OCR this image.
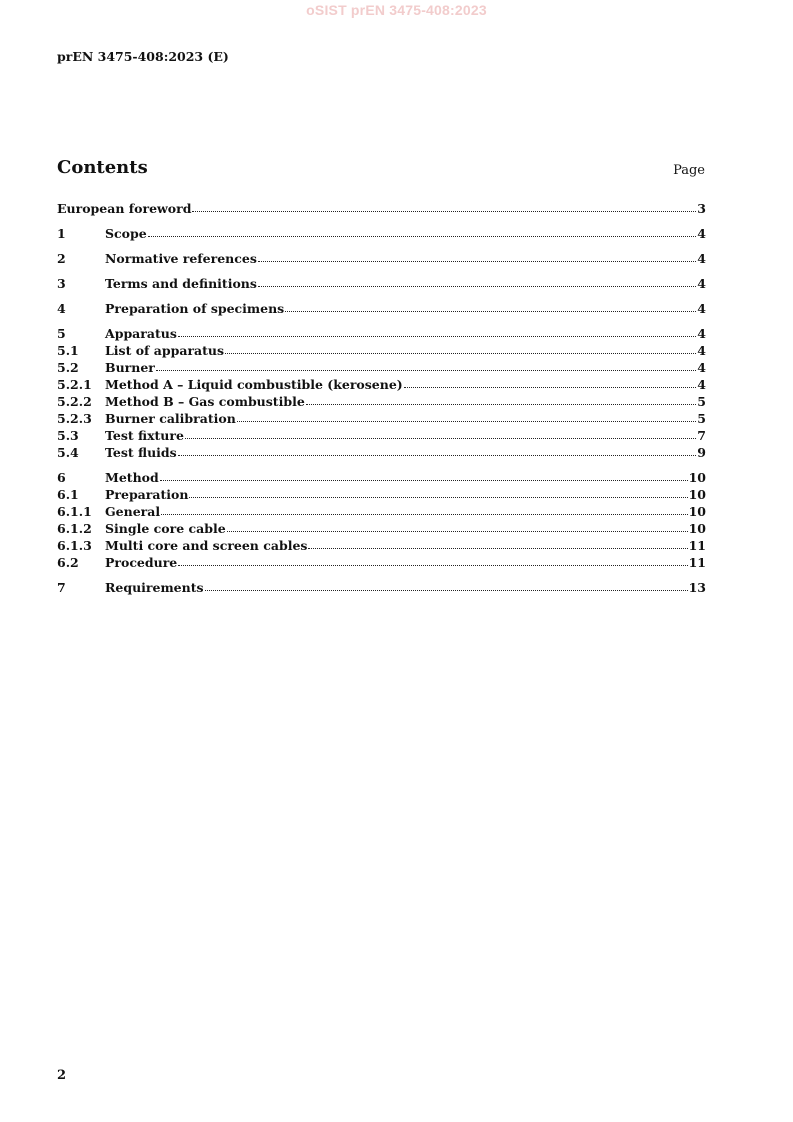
oSIST prEN 3475-408:2023
prEN 3475-408:2023 (E)
Contents	Page
European foreword	3
1	Scope	4
2	Normative references	4
3	Terms and definitions	4
4	Preparation of specimens	4
5	Apparatus	4
5.1	List of apparatus	4
5.2	Burner	4
5.2.1	Method A – Liquid combustible (kerosene)	4
5.2.2	Method B – Gas combustible	5
5.2.3	Burner calibration	5
5.3	Test fixture	7
5.4	Test fluids	9
6	Method	10
6.1	Preparation	10
6.1.1	General	10
6.1.2	Single core cable	10
6.1.3	Multi core and screen cables	11
6.2	Procedure	11
7	Requirements	13
2
